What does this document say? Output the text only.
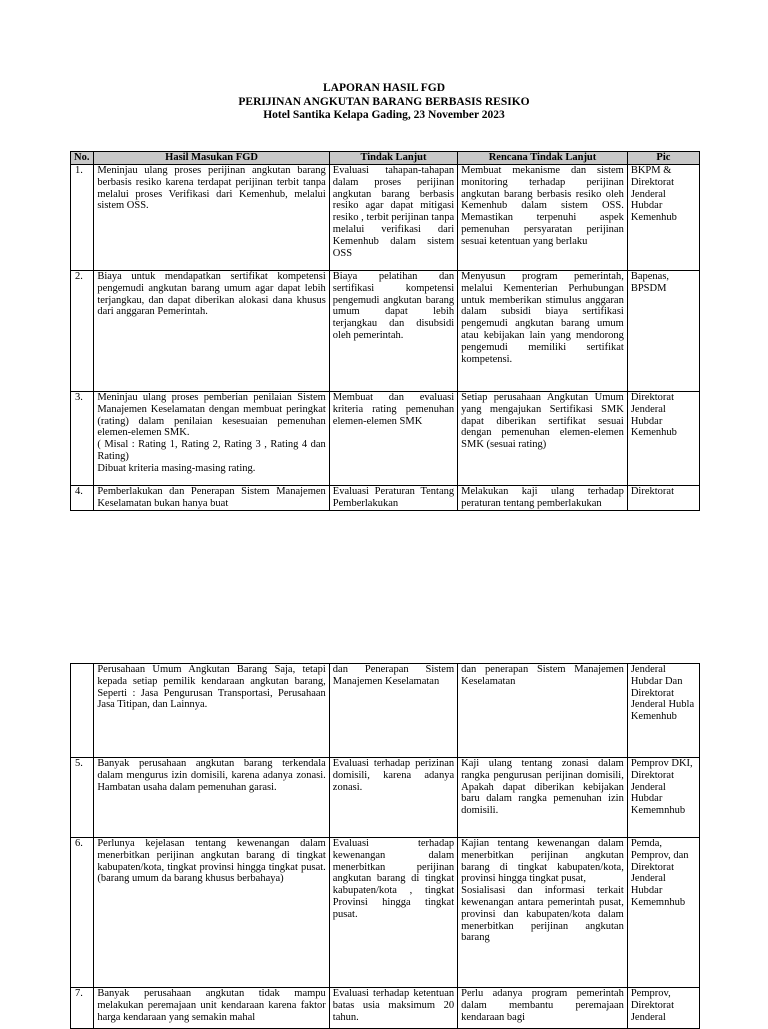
LAPORAN HASIL FGD
PERIJINAN ANGKUTAN BARANG BERBASIS RESIKO
Hotel Santika Kelapa Gading, 23 November 2023
No.	Hasil Masukan FGD	Tindak Lanjut	Rencana Tindak Lanjut	Pic
1.	Meninjau ulang proses perijinan angkutan barang berbasis resiko karena terdapat perijinan terbit tanpa melalui proses Verifikasi dari Kemenhub, melalui sistem OSS.	Evaluasi tahapan-tahapan dalam proses perijinan angkutan barang berbasis resiko agar dapat mitigasi resiko , terbit perijinan tanpa melalui verifikasi dari Kemenhub dalam sistem OSS	Membuat mekanisme dan sistem monitoring terhadap perijinan angkutan barang berbasis resiko oleh Kemenhub dalam sistem OSS. Memastikan terpenuhi aspek pemenuhan persyaratan perijinan sesuai ketentuan yang berlaku	BKPM & Direktorat Jenderal Hubdar Kemenhub
2.	Biaya untuk mendapatkan sertifikat kompetensi pengemudi angkutan barang umum agar dapat lebih terjangkau, dan dapat diberikan alokasi dana khusus dari anggaran Pemerintah.	Biaya pelatihan dan sertifikasi kompetensi pengemudi angkutan barang umum dapat lebih terjangkau dan disubsidi oleh pemerintah.	Menyusun program pemerintah, melalui Kementerian Perhubungan untuk memberikan stimulus anggaran dalam subsidi biaya sertifikasi pengemudi angkutan barang umum atau kebijakan lain yang mendorong pengemudi memiliki sertifikat kompetensi.	Bapenas, BPSDM
3.	Meninjau ulang proses pemberian penilaian Sistem Manajemen Keselamatan dengan membuat peringkat (rating) dalam penilaian kesesuaian pemenuhan elemen-elemen SMK.
( Misal : Rating 1, Rating 2, Rating 3 , Rating 4 dan Rating)
Dibuat kriteria masing-masing rating.	Membuat dan evaluasi kriteria rating pemenuhan elemen-elemen SMK	Setiap perusahaan Angkutan Umum yang mengajukan Sertifikasi SMK dapat diberikan sertifikat sesuai dengan pemenuhan elemen-elemen SMK (sesuai rating)	Direktorat Jenderal Hubdar Kemenhub

4.	Pemberlakukan dan Penerapan Sistem Manajemen Keselamatan bukan hanya buat	Evaluasi Peraturan Tentang Pemberlakukan	Melakukan kaji ulang terhadap peraturan tentang pemberlakukan	Direktorat
	Perusahaan Umum Angkutan Barang Saja, tetapi kepada setiap pemilik kendaraan angkutan barang, Seperti : Jasa Pengurusan Transportasi, Perusahaan Jasa Titipan, dan Lainnya.	dan Penerapan Sistem Manajemen Keselamatan	dan penerapan Sistem Manajemen Keselamatan	Jenderal Hubdar Dan Direktorat Jenderal Hubla Kemenhub
5.	Banyak perusahaan angkutan barang terkendala dalam mengurus izin domisili, karena adanya zonasi. Hambatan usaha dalam pemenuhan garasi.	Evaluasi terhadap perizinan domisili, karena adanya zonasi.	Kaji ulang tentang zonasi dalam rangka pengurusan perijinan domisili, Apakah dapat diberikan kebijakan baru dalam rangka pemenuhan izin domisili.	Pemprov DKI, Direktorat Jenderal Hubdar Kememnhub
6.	Perlunya kejelasan tentang kewenangan dalam menerbitkan perijinan angkutan barang di tingkat kabupaten/kota, tingkat provinsi hingga tingkat pusat.(barang umum da barang khusus berbahaya)	Evaluasi terhadap kewenangan dalam menerbitkan perijinan angkutan barang di tingkat kabupaten/kota , tingkat Provinsi hingga tingkat pusat.	Kajian tentang kewenangan dalam menerbitkan perijinan angkutan barang di tingkat kabupaten/kota, provinsi hingga tingkat pusat,
Sosialisasi dan informasi terkait kewenangan antara pemerintah pusat, provinsi dan kabupaten/kota dalam menerbitkan perijinan angkutan barang	Pemda, Pemprov, dan Direktorat Jenderal Hubdar Kememnhub

7.	Banyak perusahaan angkutan tidak mampu melakukan peremajaan unit kendaraan karena faktor harga kendaraan yang semakin mahal	Evaluasi terhadap ketentuan batas usia maksimum 20 tahun.	Perlu adanya program pemerintah dalam membantu peremajaan kendaraan bagi	Pemprov, Direktorat Jenderal
